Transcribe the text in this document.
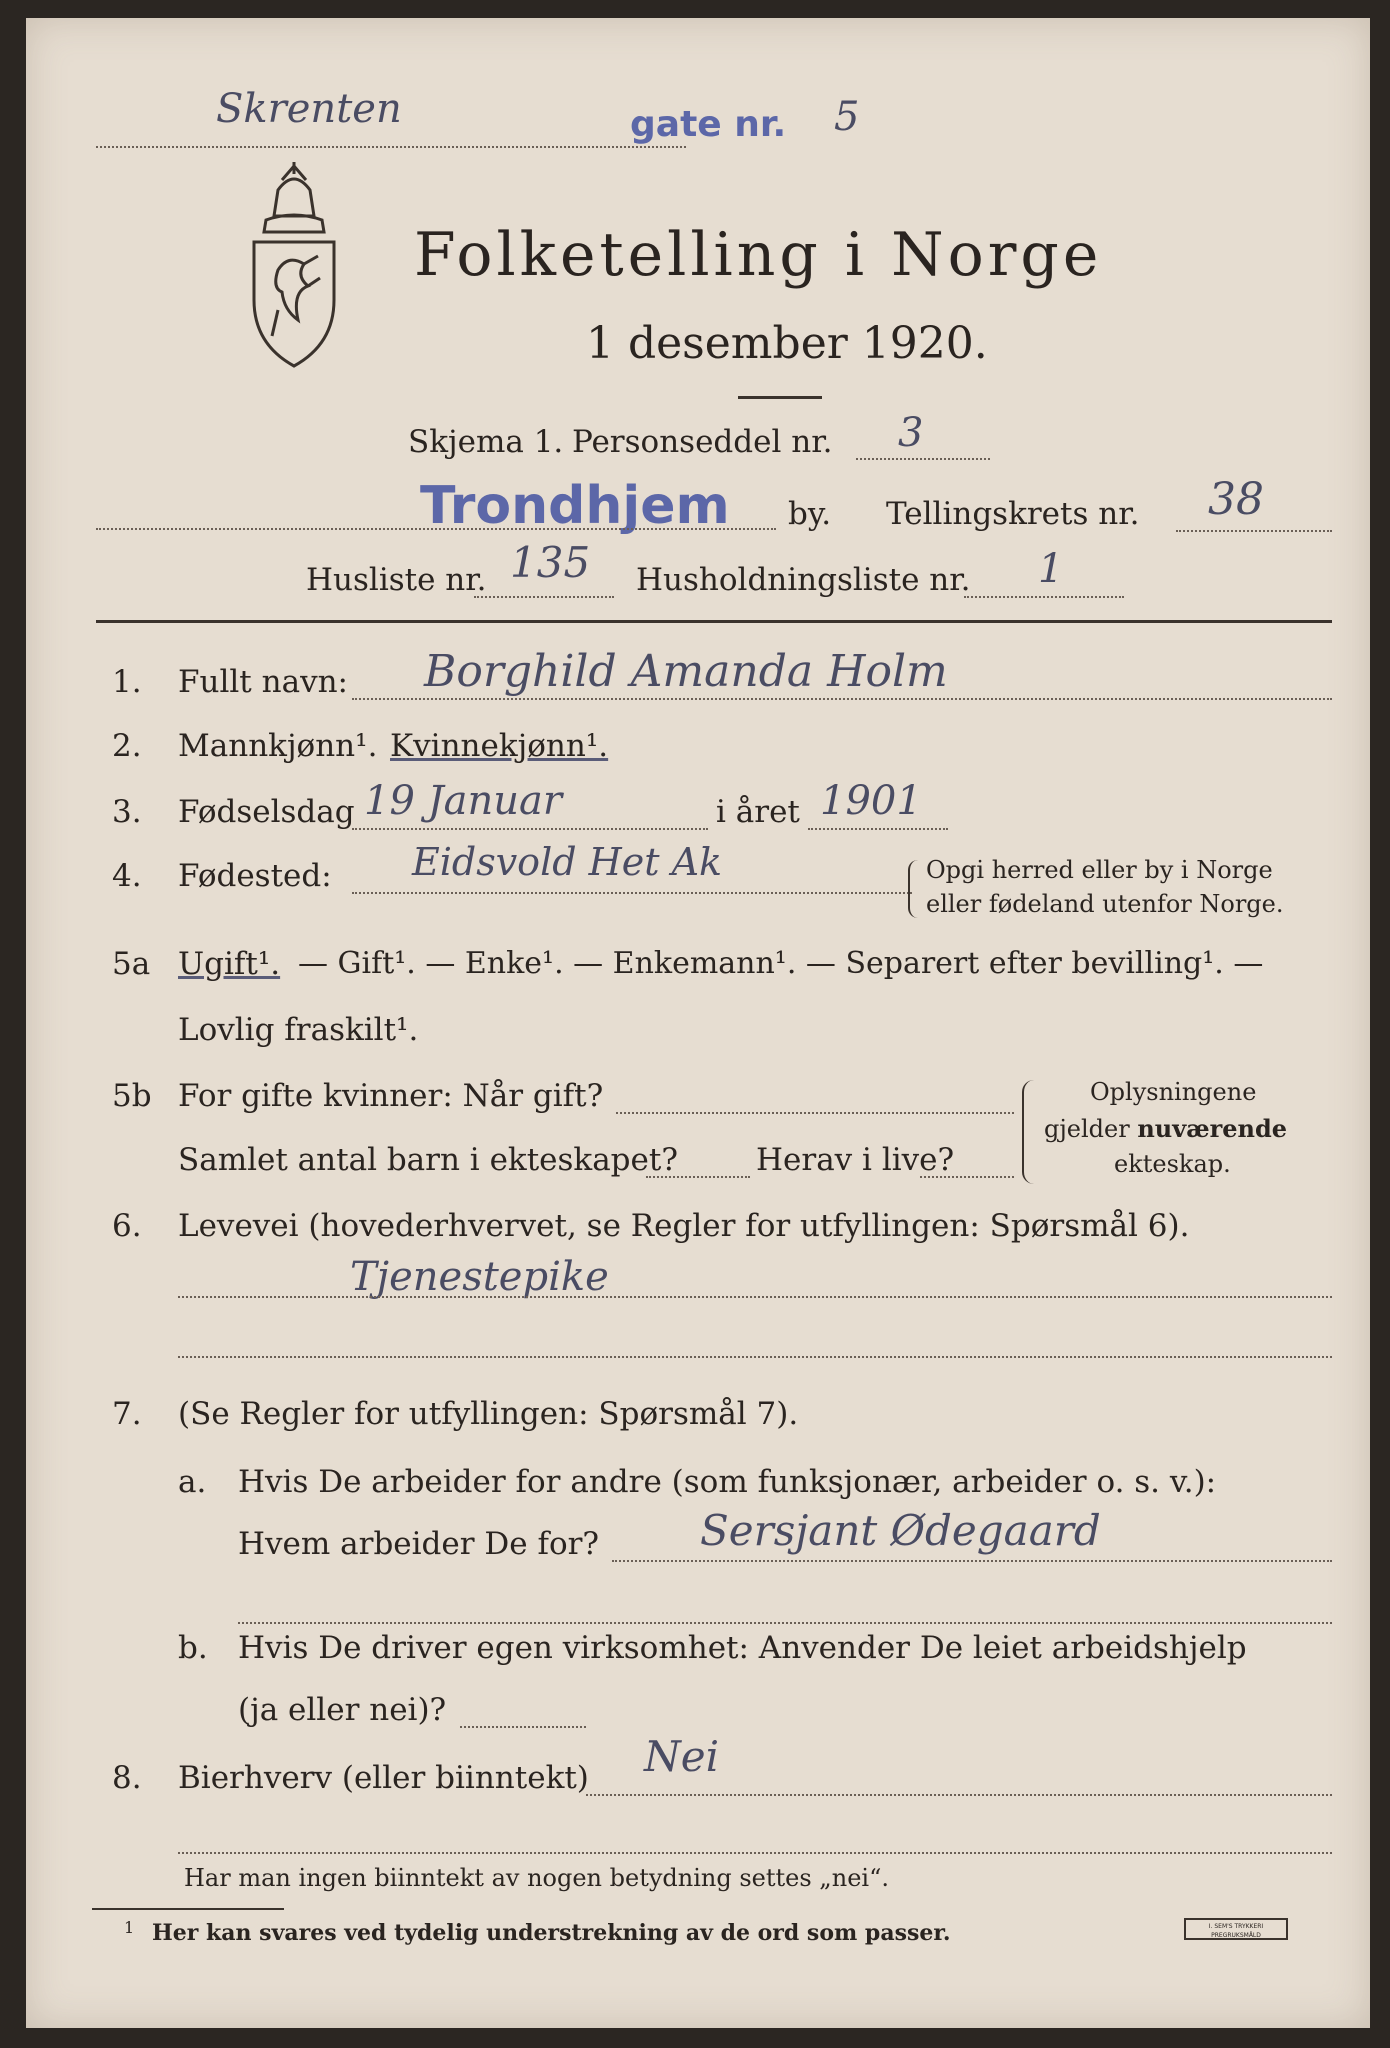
Skrenten	gate nr. 5
Folketelling i Norge
1 desember 1920.
Skjema 1. Personseddel nr. 3
Trondhjem by. Tellingskrets nr. 38
Husliste nr. 135 Husholdningsliste nr. 1
1. Fullt navn: Borghild Amanda Holm
2. Mannkjønn¹. Kvinnekjønn¹.
3. Fødselsdag 19 Januar	i året 1901
4. Fødested: Eidsvold Het Ak	Opgi herred eller by i Norge
eller fødeland utenfor Norge.
5a Ugift¹. — Gift¹. — Enke¹. — Enkemann¹. — Separert efter bevilling¹. —
Lovlig fraskilt¹.
5b For gifte kvinner: Når gift?
Samlet antal barn i ekteskapet?	Herav i live?
Oplysningene
gjelder nuværende
ekteskap.
6. Levevei (hovederhvervet, se Regler for utfyllingen: Spørsmål 6).
Tjenestepike
7. (Se Regler for utfyllingen: Spørsmål 7).
a. Hvis De arbeider for andre (som funksjonær, arbeider o. s. v.):
Hvem arbeider De for? Sersjant Ødegaard
b. Hvis De driver egen virksomhet: Anvender De leiet arbeidshjelp
(ja eller nei)?
8. Bierhverv (eller biinntekt) Nei
Har man ingen biinntekt av nogen betydning settes „nei“.
1 Her kan svares ved tydelig understrekning av de ord som passer.	I. SEM'S TRYKKERI
PREGRUKSMÅLD
